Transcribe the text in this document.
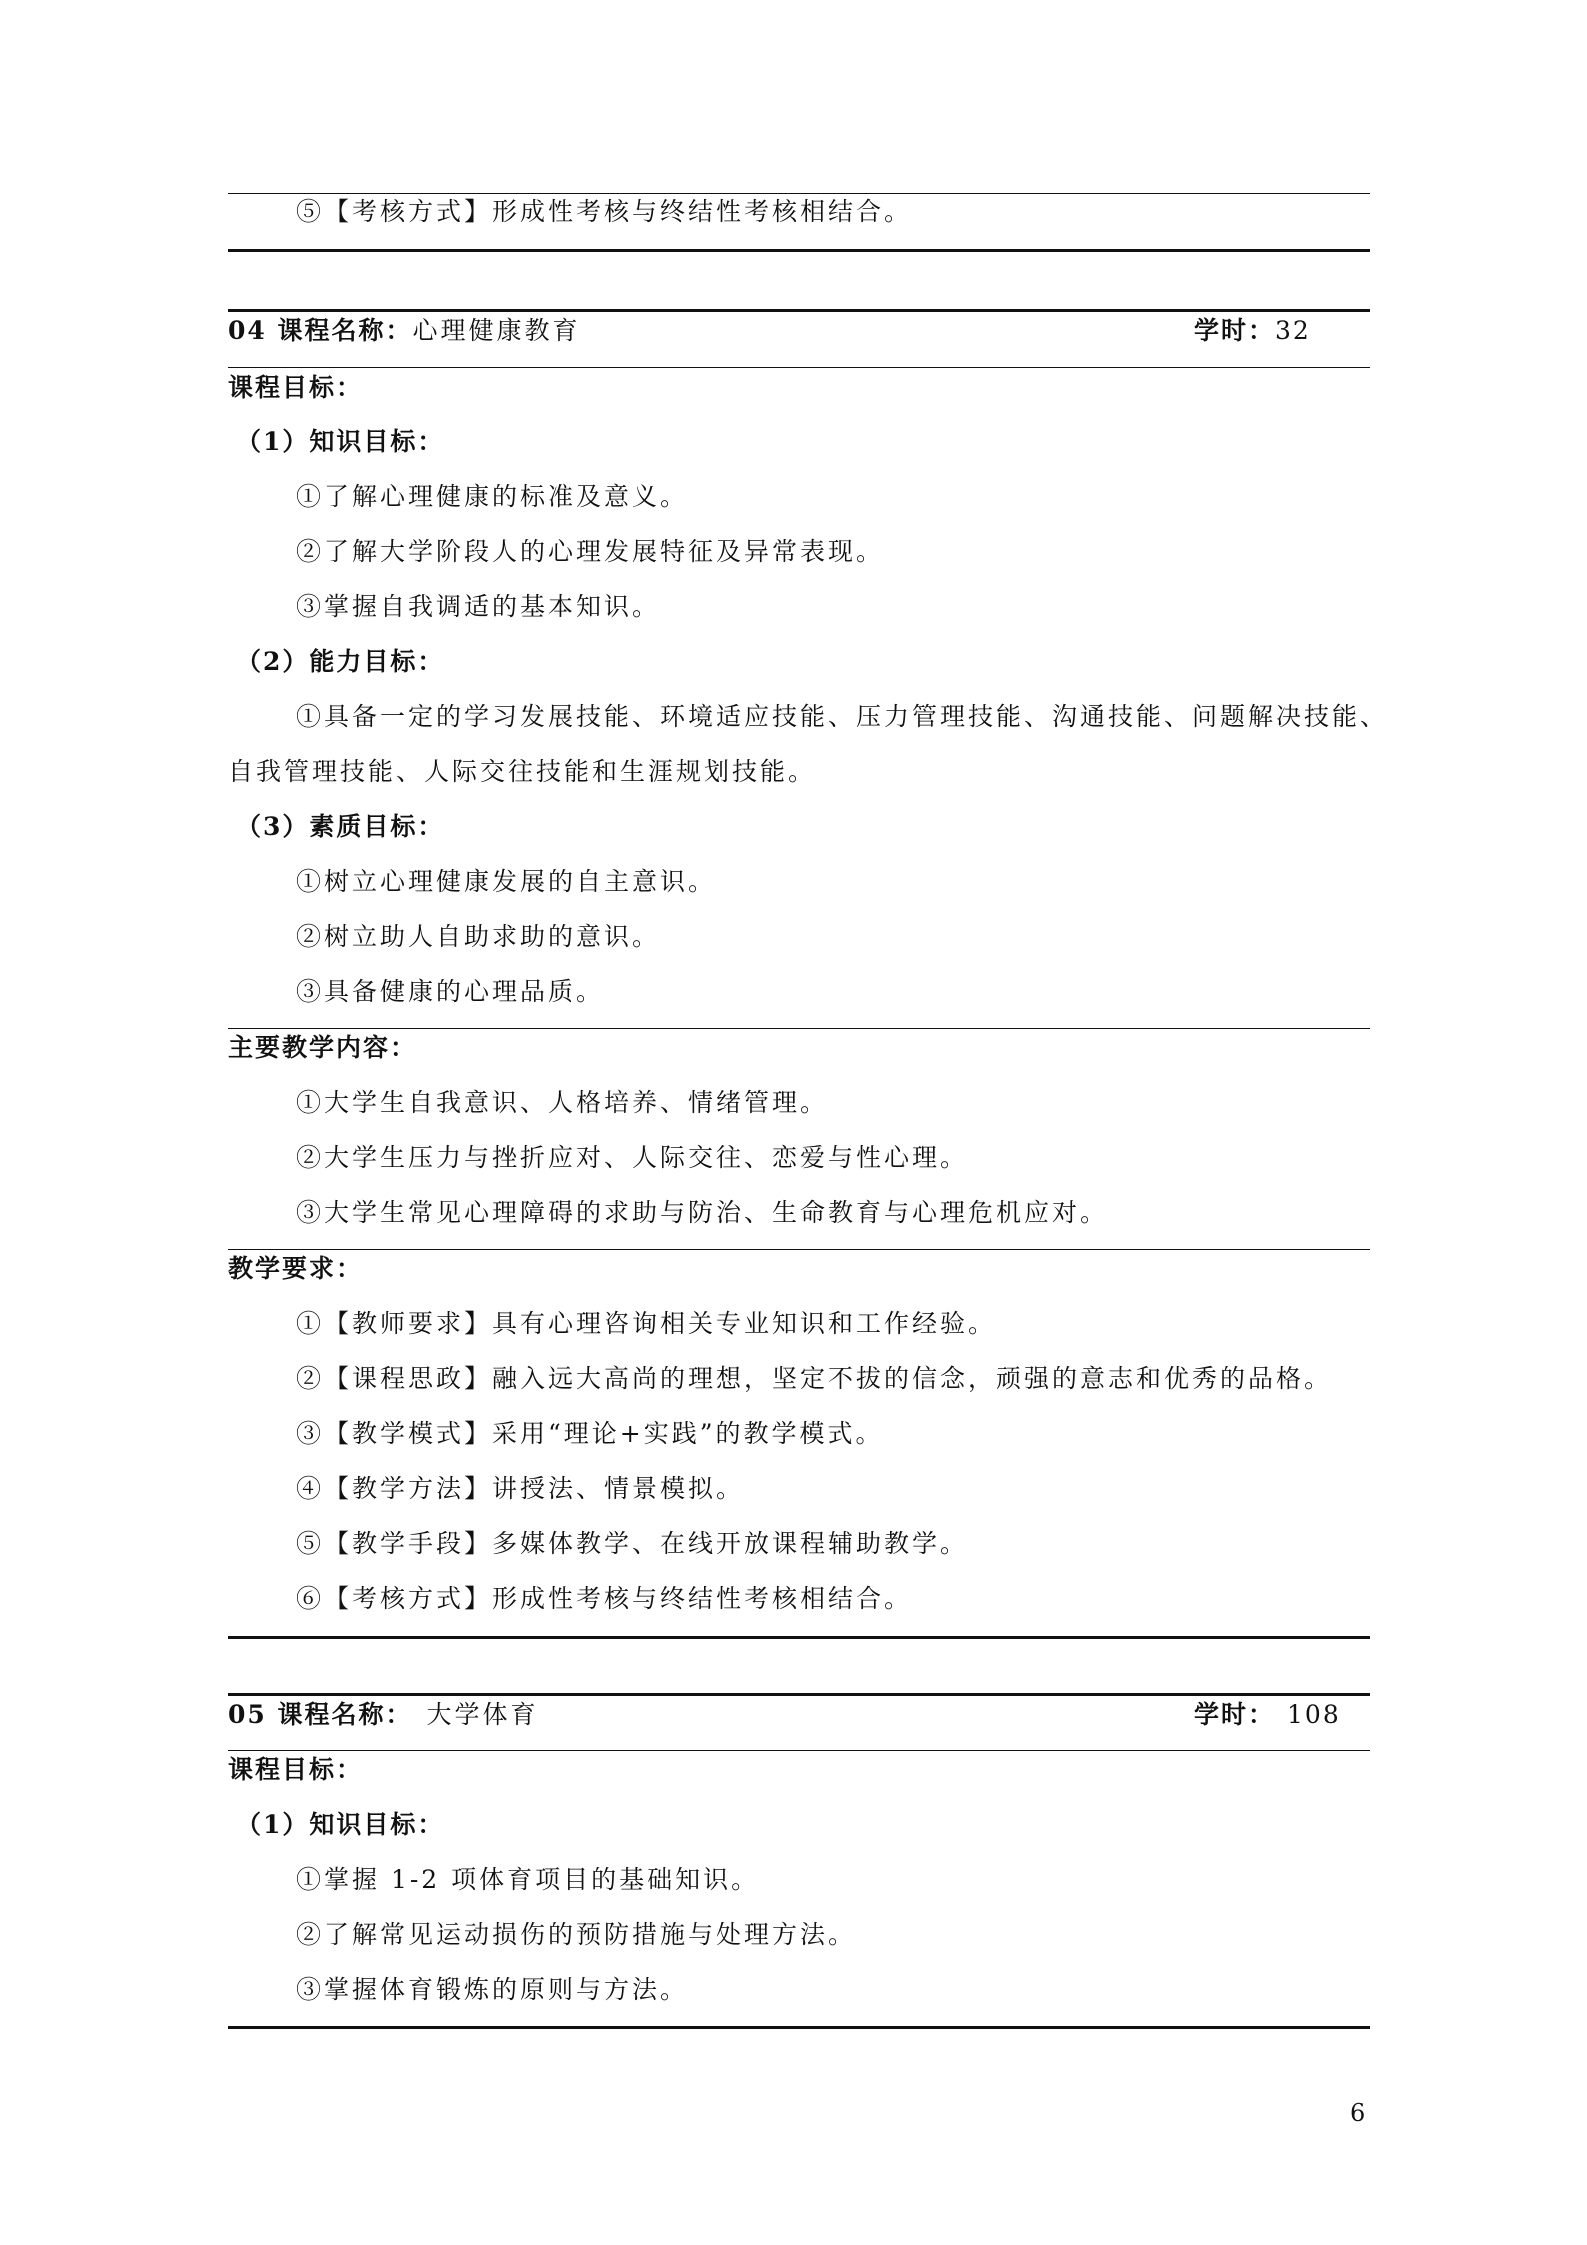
⑤【考核方式】形成性考核与终结性考核相结合。
04 课程名称：心理健康教育	学时：32
课程目标：
（1）知识目标：
①了解心理健康的标准及意义。
②了解大学阶段人的心理发展特征及异常表现。
③掌握自我调适的基本知识。
（2）能力目标：
①具备一定的学习发展技能、环境适应技能、压力管理技能、沟通技能、问题解决技能、
自我管理技能、人际交往技能和生涯规划技能。
（3）素质目标：
①树立心理健康发展的自主意识。
②树立助人自助求助的意识。
③具备健康的心理品质。
主要教学内容：
①大学生自我意识、人格培养、情绪管理。
②大学生压力与挫折应对、人际交往、恋爱与性心理。
③大学生常见心理障碍的求助与防治、生命教育与心理危机应对。
教学要求：
①【教师要求】具有心理咨询相关专业知识和工作经验。
②【课程思政】融入远大高尚的理想，坚定不拔的信念，顽强的意志和优秀的品格。
③【教学模式】采用“理论+实践”的教学模式。
④【教学方法】讲授法、情景模拟。
⑤【教学手段】多媒体教学、在线开放课程辅助教学。
⑥【考核方式】形成性考核与终结性考核相结合。
05 课程名称： 大学体育	学时： 108
课程目标：
（1）知识目标：
①掌握 1-2 项体育项目的基础知识。
②了解常见运动损伤的预防措施与处理方法。
③掌握体育锻炼的原则与方法。
6
